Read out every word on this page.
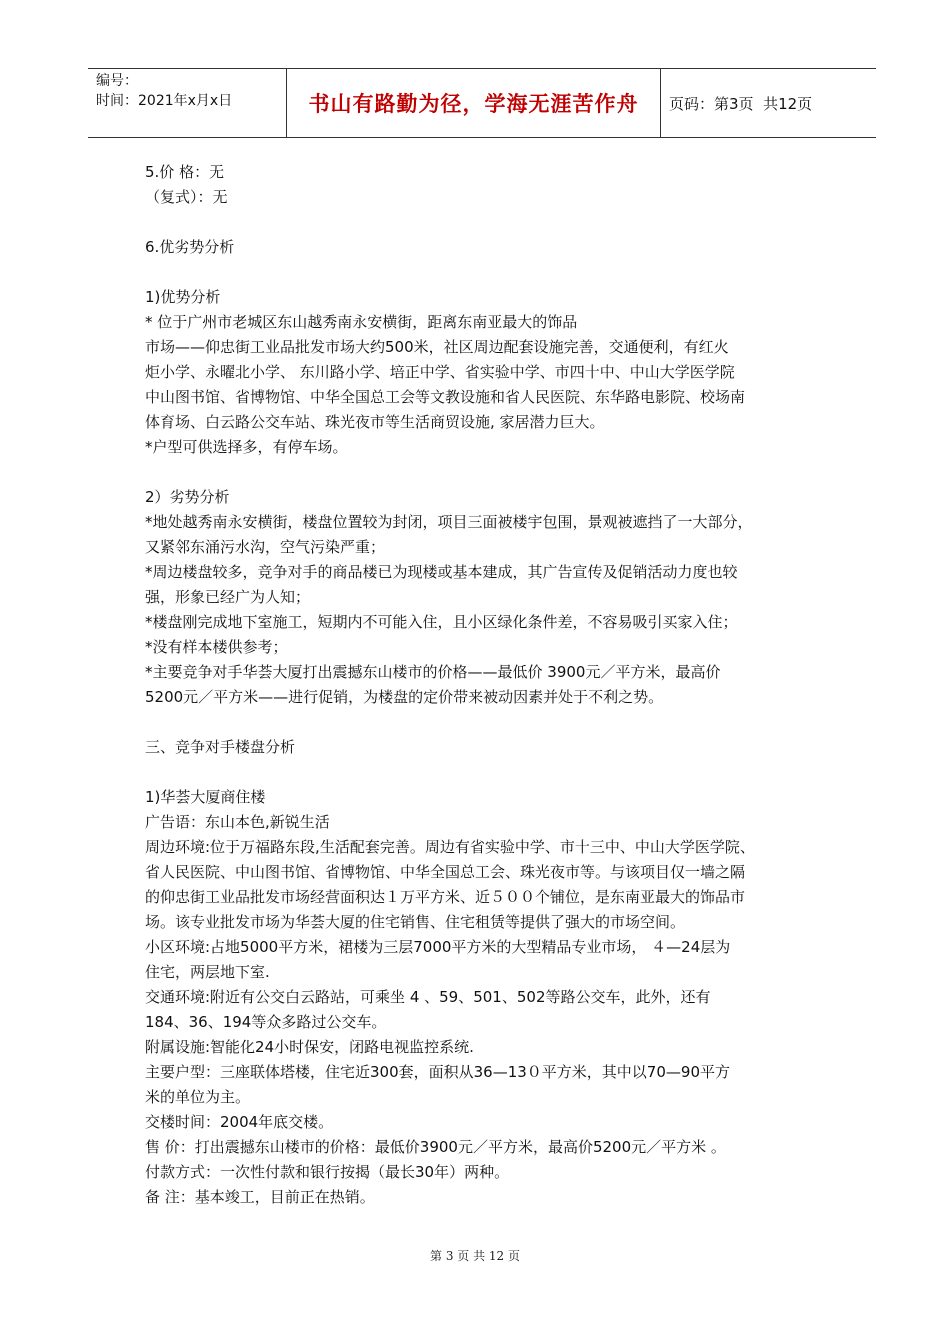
编号：
时间：2021年x月x日	书山有路勤为径，学海无涯苦作舟	页码：第3页  共12页
5.价 格：无
（复式）：无
6.优劣势分析
1)优势分析
* 位于广州市老城区东山越秀南永安横街，距离东南亚最大的饰品
市场——仰忠街工业品批发市场大约500米，社区周边配套设施完善，交通便利，有红火
炬小学、永曜北小学、 东川路小学、培正中学、省实验中学、市四十中、中山大学医学院
中山图书馆、省博物馆、中华全国总工会等文教设施和省人民医院、东华路电影院、校场南
体育场、白云路公交车站、珠光夜市等生活商贸设施, 家居潜力巨大。
*户型可供选择多，有停车场。
2）劣势分析
*地处越秀南永安横街，楼盘位置较为封闭，项目三面被楼宇包围，景观被遮挡了一大部分，
又紧邻东涌污水沟，空气污染严重；
*周边楼盘较多，竞争对手的商品楼已为现楼或基本建成，其广告宣传及促销活动力度也较
强，形象已经广为人知；
*楼盘刚完成地下室施工，短期内不可能入住，且小区绿化条件差，不容易吸引买家入住；
*没有样本楼供参考；
*主要竞争对手华荟大厦打出震撼东山楼市的价格——最低价 3900元／平方米，最高价
5200元／平方米——进行促销，为楼盘的定价带来被动因素并处于不利之势。
三、竞争对手楼盘分析
1)华荟大厦商住楼
广告语：东山本色,新锐生活
周边环境:位于万福路东段,生活配套完善。周边有省实验中学、市十三中、中山大学医学院、
省人民医院、中山图书馆、省博物馆、中华全国总工会、珠光夜市等。与该项目仅一墙之隔
的仰忠街工业品批发市场经营面积达１万平方米、近５００个铺位，是东南亚最大的饰品市
场。该专业批发市场为华荟大厦的住宅销售、住宅租赁等提供了强大的市场空间。
小区环境:占地5000平方米，裙楼为三层7000平方米的大型精品专业市场， ４—24层为
住宅，两层地下室.
交通环境:附近有公交白云路站，可乘坐 4 、59、501、502等路公交车，此外，还有
184、36、194等众多路过公交车。
附属设施:智能化24小时保安，闭路电视监控系统.
主要户型：三座联体塔楼，住宅近300套，面积从36—13０平方米，其中以70—90平方
米的单位为主。
交楼时间：2004年底交楼。
售 价：打出震撼东山楼市的价格：最低价3900元／平方米，最高价5200元／平方米 。
付款方式：一次性付款和银行按揭（最长30年）两种。
备 注：基本竣工，目前正在热销。
第 3 页 共 12 页
